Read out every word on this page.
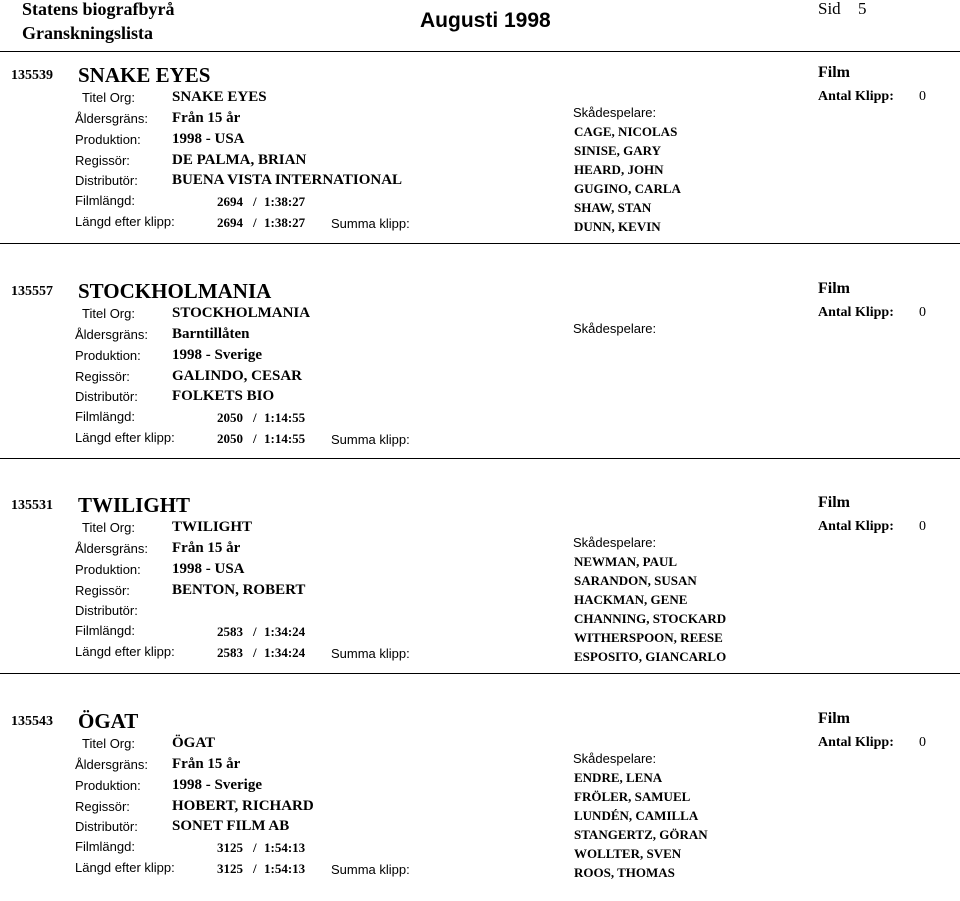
Statens biografbyrå
Granskningslista
Augusti 1998
Sid 5
135539 SNAKE EYES
Titel Org: SNAKE EYES
Åldersgräns: Från 15 år
Produktion: 1998 - USA
Regissör:	DE PALMA, BRIAN
Distributör: BUENA VISTA INTERNATIONAL
Filmlängd:	2694 / 1:38:27
Längd efter klipp:	2694 / 1:38:27 Summa klipp:
Skådespelare:
CAGE, NICOLAS
SINISE, GARY
HEARD, JOHN
GUGINO, CARLA
SHAW, STAN
DUNN, KEVIN
Film
Antal Klipp: 0
135557 STOCKHOLMANIA
Titel Org: STOCKHOLMANIA
Åldersgräns: Barntillåten
Produktion: 1998 - Sverige
Regissör:	GALINDO, CESAR
Distributör: FOLKETS BIO
Filmlängd:	2050 / 1:14:55
Längd efter klipp:	2050 / 1:14:55 Summa klipp:
Skådespelare:
Film
Antal Klipp: 0
135531 TWILIGHT
Titel Org: TWILIGHT
Åldersgräns: Från 15 år
Produktion: 1998 - USA
Regissör:	BENTON, ROBERT
Distributör:
Filmlängd:	2583 / 1:34:24
Längd efter klipp:	2583 / 1:34:24 Summa klipp:
Skådespelare:
NEWMAN, PAUL
SARANDON, SUSAN
HACKMAN, GENE
CHANNING, STOCKARD
WITHERSPOON, REESE
ESPOSITO, GIANCARLO
Film
Antal Klipp: 0
135543 ÖGAT
Titel Org: ÖGAT
Åldersgräns: Från 15 år
Produktion: 1998 - Sverige
Regissör:	HOBERT, RICHARD
Distributör: SONET FILM AB
Filmlängd:	3125 / 1:54:13
Längd efter klipp:	3125 / 1:54:13 Summa klipp:
Skådespelare:
ENDRE, LENA
FRÖLER, SAMUEL
LUNDÉN, CAMILLA
STANGERTZ, GÖRAN
WOLLTER, SVEN
ROOS, THOMAS
Film
Antal Klipp: 0
